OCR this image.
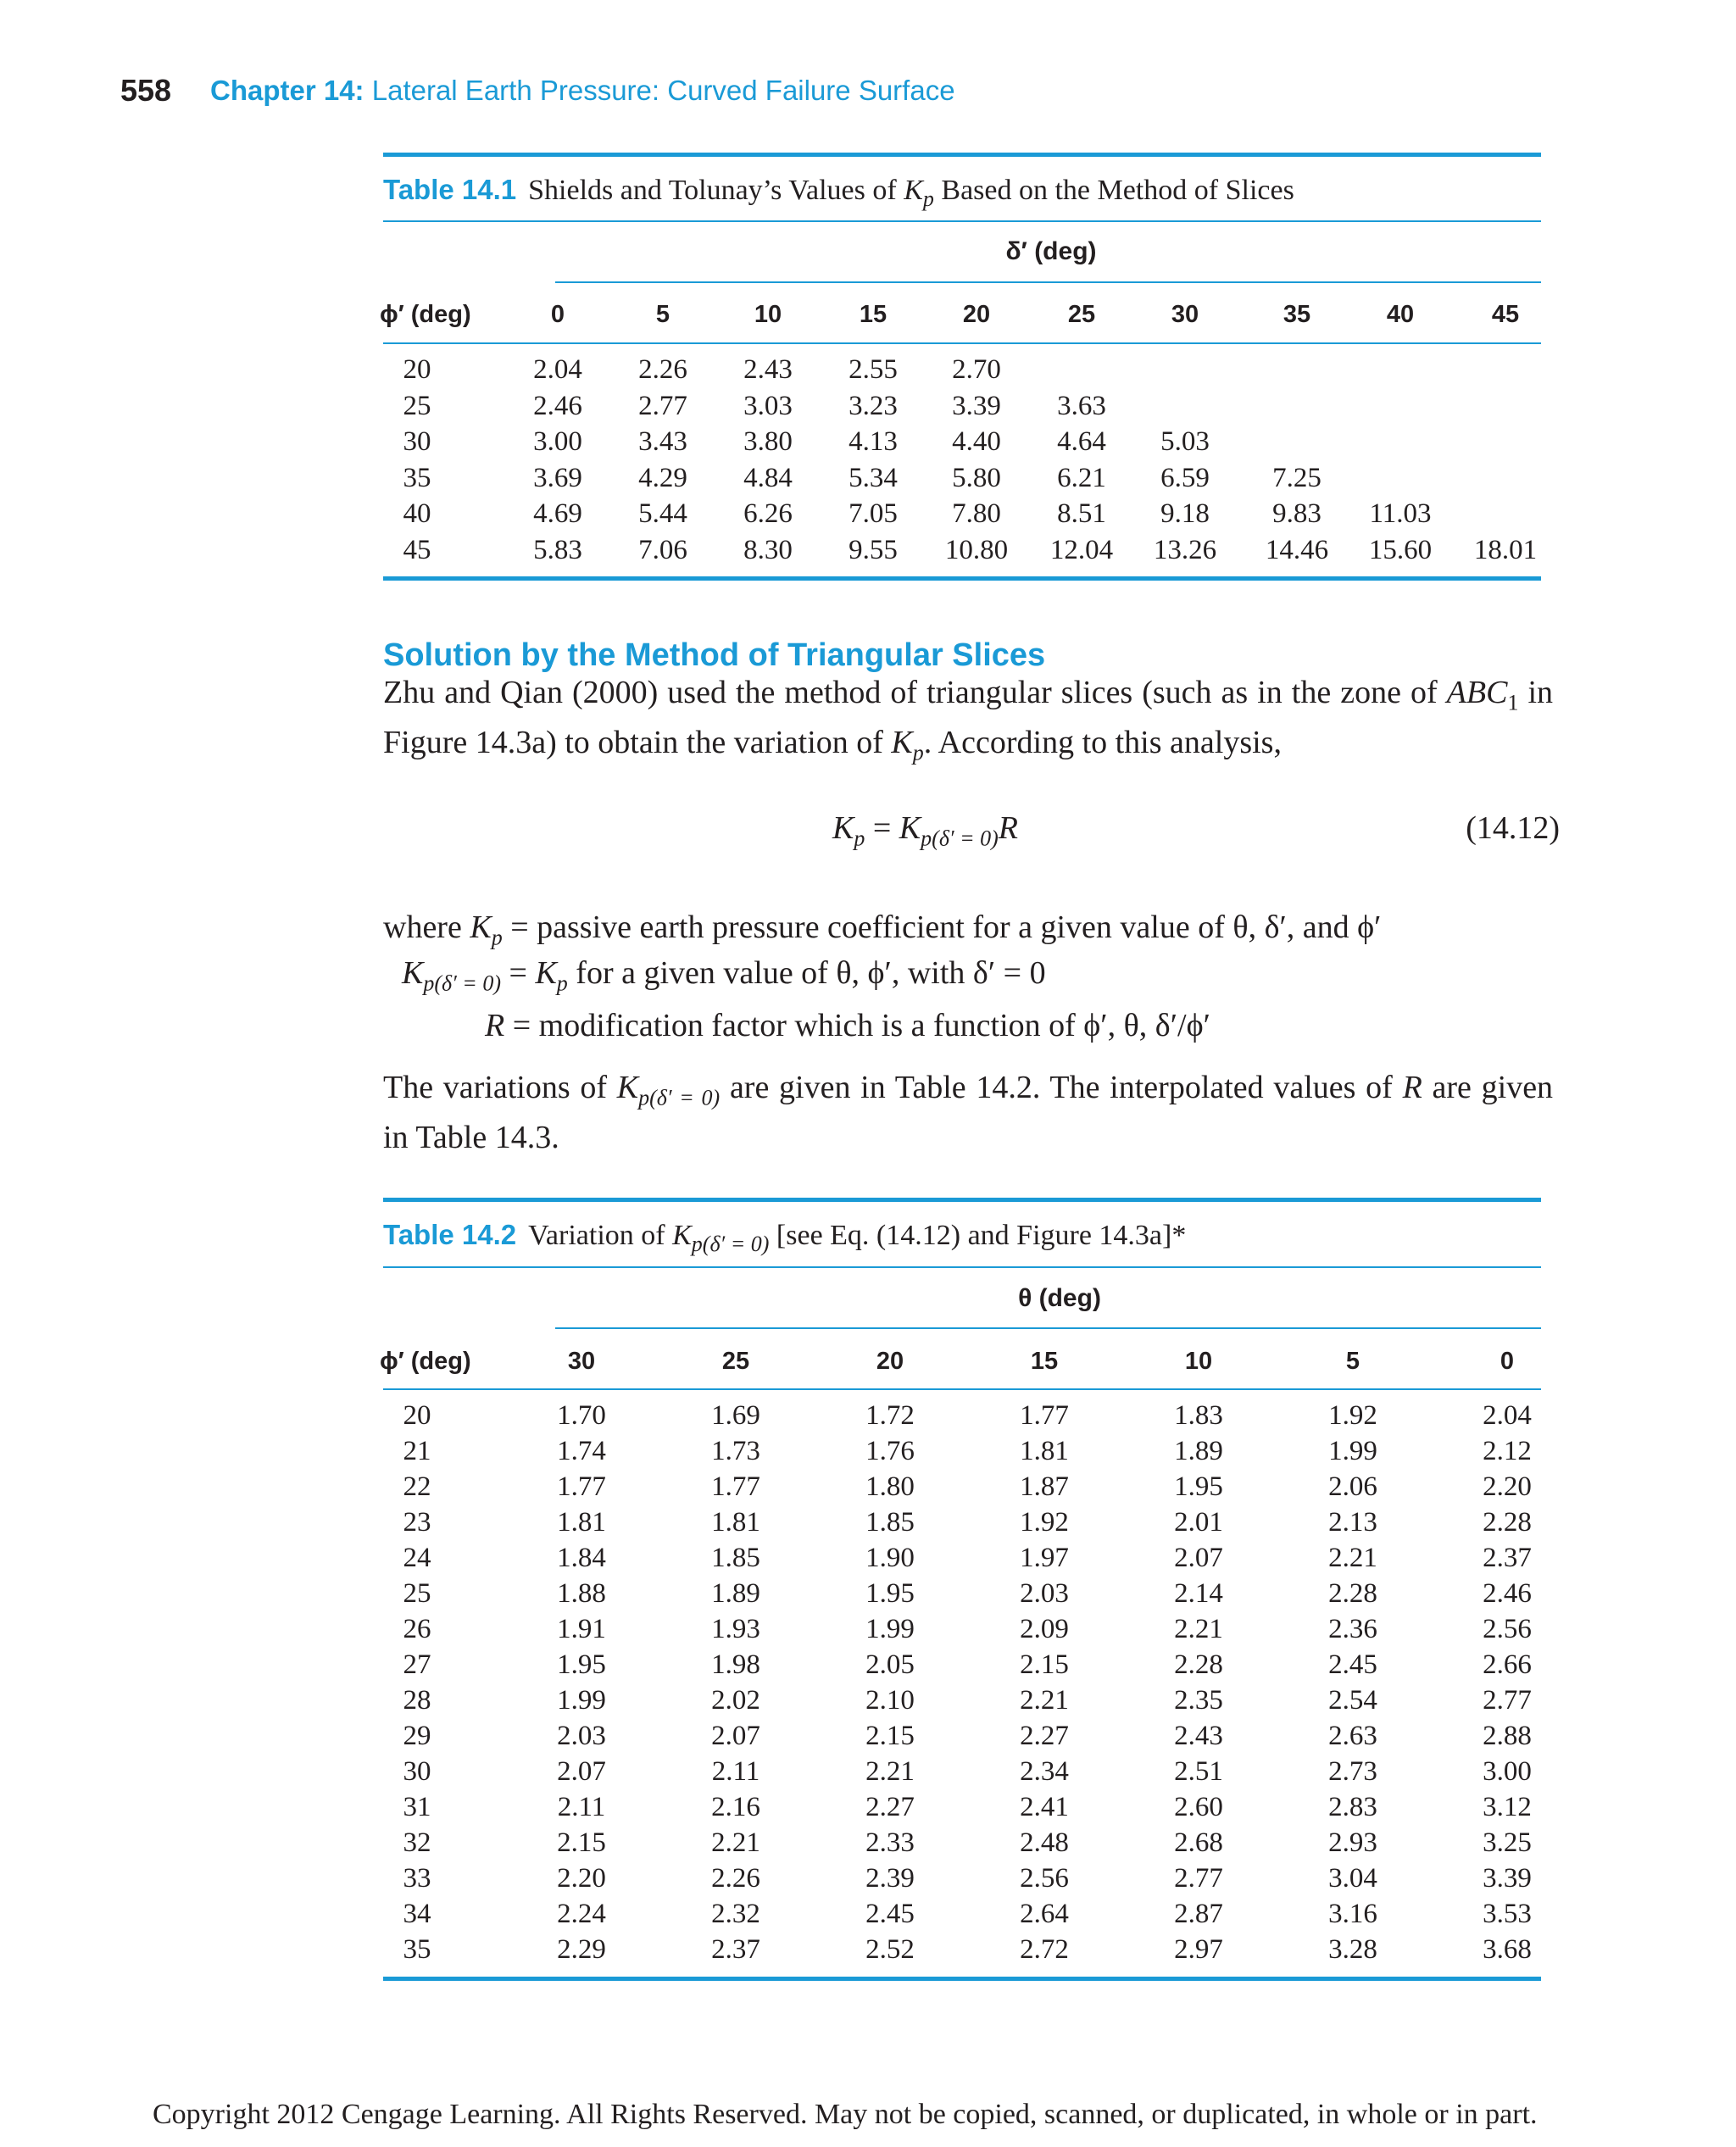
558 Chapter 14: Lateral Earth Pressure: Curved Failure Surface
Table 14.1 Shields and Tolunay’s Values of $K_p$ Based on the Method of Slices
δ′ (deg)
ϕ′ (deg)	0	5	10	15	20	25	30	35	40	45
20	2.04	2.26	2.43	2.55	2.70
25	2.46	2.77	3.03	3.23	3.39	3.63
30	3.00	3.43	3.80	4.13	4.40	4.64	5.03
35	3.69	4.29	4.84	5.34	5.80	6.21	6.59	7.25
40	4.69	5.44	6.26	7.05	7.80	8.51	9.18	9.83	11.03
45	5.83	7.06	8.30	9.55	10.80	12.04	13.26	14.46	15.60	18.01
Solution by the Method of Triangular Slices
Zhu and Qian (2000) used the method of triangular slices (such as in the zone of $ABC_1$ in Figure 14.3a) to obtain the variation of $K_p$. According to this analysis,
$K_p = K_{p(\delta' = 0)}R$	(14.12)
where $K_p$ = passive earth pressure coefficient for a given value of θ, δ′, and ϕ′
$K_{p(\delta' = 0)} = K_p$ for a given value of θ, ϕ′, with δ′ = 0
R = modification factor which is a function of ϕ′, θ, δ′/ϕ′
The variations of $K_{p(\delta' = 0)}$ are given in Table 14.2. The interpolated values of R are given in Table 14.3.
Table 14.2 Variation of $K_{p(\delta' = 0)}$ [see Eq. (14.12) and Figure 14.3a]*
θ (deg)
ϕ′ (deg)	30	25	20	15	10	5	0
20	1.70	1.69	1.72	1.77	1.83	1.92	2.04
21	1.74	1.73	1.76	1.81	1.89	1.99	2.12
22	1.77	1.77	1.80	1.87	1.95	2.06	2.20
23	1.81	1.81	1.85	1.92	2.01	2.13	2.28
24	1.84	1.85	1.90	1.97	2.07	2.21	2.37
25	1.88	1.89	1.95	2.03	2.14	2.28	2.46
26	1.91	1.93	1.99	2.09	2.21	2.36	2.56
27	1.95	1.98	2.05	2.15	2.28	2.45	2.66
28	1.99	2.02	2.10	2.21	2.35	2.54	2.77
29	2.03	2.07	2.15	2.27	2.43	2.63	2.88
30	2.07	2.11	2.21	2.34	2.51	2.73	3.00
31	2.11	2.16	2.27	2.41	2.60	2.83	3.12
32	2.15	2.21	2.33	2.48	2.68	2.93	3.25
33	2.20	2.26	2.39	2.56	2.77	3.04	3.39
34	2.24	2.32	2.45	2.64	2.87	3.16	3.53
35	2.29	2.37	2.52	2.72	2.97	3.28	3.68
Copyright 2012 Cengage Learning. All Rights Reserved. May not be copied, scanned, or duplicated, in whole or in part.
